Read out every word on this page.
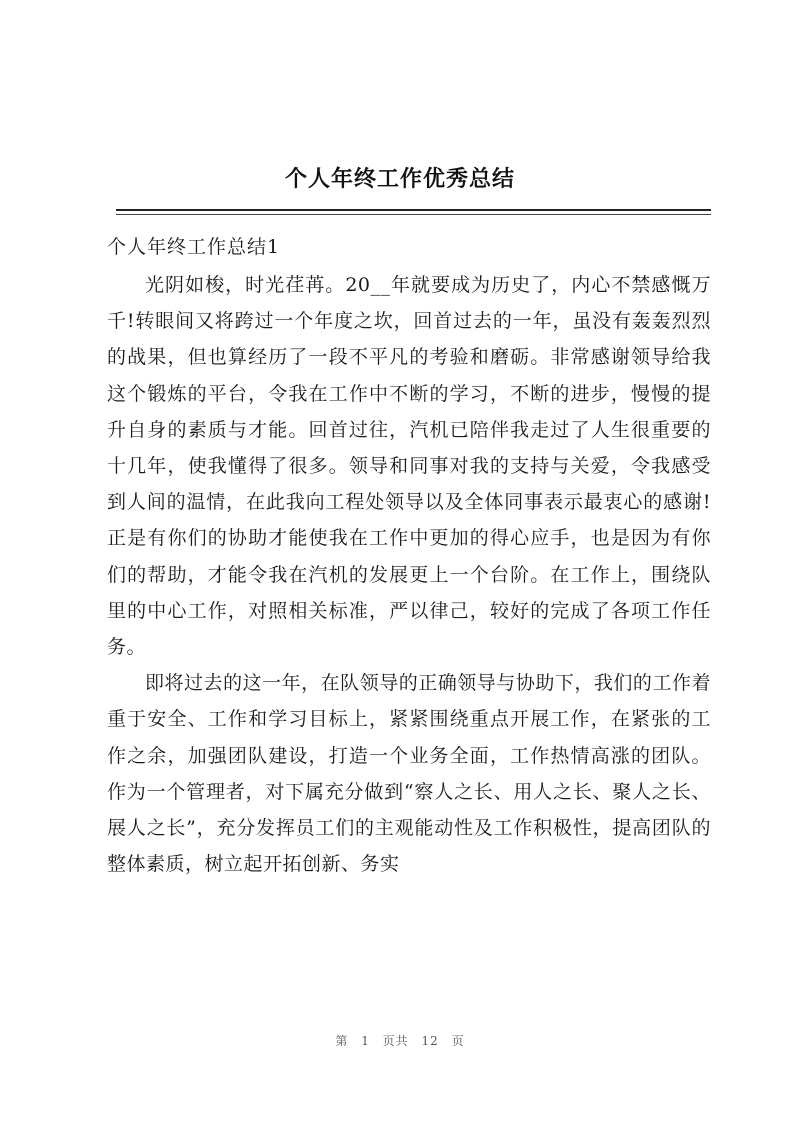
个人年终工作优秀总结
个人年终工作总结1

光阴如梭，时光荏苒。20__年就要成为历史了，内心不禁感慨万千!转眼间又将跨过一个年度之坎，回首过去的一年，虽没有轰轰烈烈的战果，但也算经历了一段不平凡的考验和磨砺。非常感谢领导给我这个锻炼的平台，令我在工作中不断的学习，不断的进步，慢慢的提升自身的素质与才能。回首过往，汽机已陪伴我走过了人生很重要的十几年，使我懂得了很多。领导和同事对我的支持与关爱，令我感受到人间的温情，在此我向工程处领导以及全体同事表示最衷心的感谢!正是有你们的协助才能使我在工作中更加的得心应手，也是因为有你们的帮助，才能令我在汽机的发展更上一个台阶。在工作上，围绕队里的中心工作，对照相关标准，严以律己，较好的完成了各项工作任务。

即将过去的这一年，在队领导的正确领导与协助下，我们的工作着重于安全、工作和学习目标上，紧紧围绕重点开展工作，在紧张的工作之余，加强团队建设，打造一个业务全面，工作热情高涨的团队。作为一个管理者，对下属充分做到“察人之长、用人之长、聚人之长、展人之长”，充分发挥员工们的主观能动性及工作积极性，提高团队的整体素质，树立起开拓创新、务实

第 1 页共 12 页
